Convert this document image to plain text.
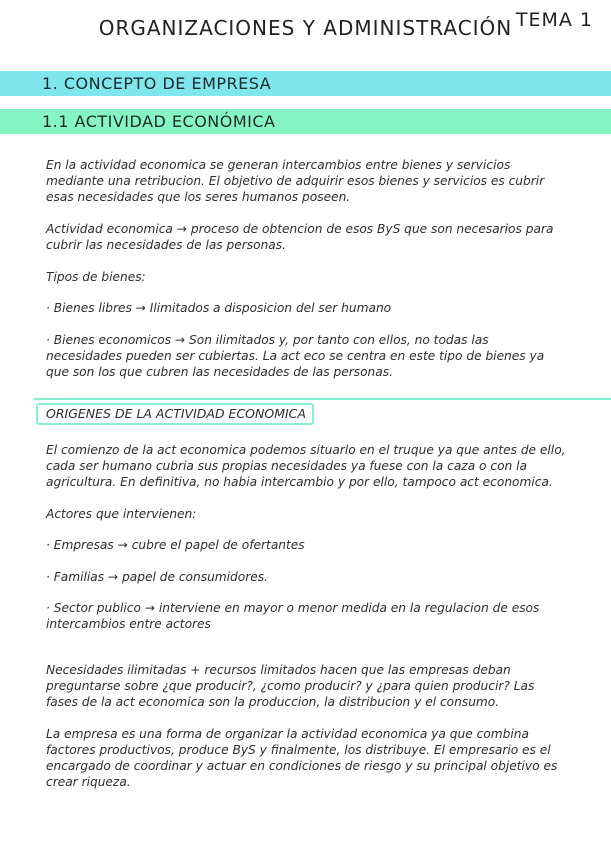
ORGANIZACIONES Y ADMINISTRACIÓN TEMA 1
1. CONCEPTO DE EMPRESA
1.1 ACTIVIDAD ECONÓMICA

En la actividad economica se generan intercambios entre bienes y servicios mediante una retribucion. El objetivo de adquirir esos bienes y servicios es cubrir esas necesidades que los seres humanos poseen.

Actividad economica → proceso de obtencion de esos ByS que son necesarios para cubrir las necesidades de las personas.

Tipos de bienes:

· Bienes libres → Ilimitados a disposicion del ser humano

· Bienes economicos → Son ilimitados y, por tanto con ellos, no todas las necesidades pueden ser cubiertas. La act eco se centra en este tipo de bienes ya que son los que cubren las necesidades de las personas.

ORIGENES DE LA ACTIVIDAD ECONOMICA

El comienzo de la act economica podemos situarlo en el truque ya que antes de ello, cada ser humano cubria sus propias necesidades ya fuese con la caza o con la agricultura. En definitiva, no habia intercambio y por ello, tampoco act economica.

Actores que intervienen:

· Empresas → cubre el papel de ofertantes

· Familias → papel de consumidores.

· Sector publico → interviene en mayor o menor medida en la regulacion de esos intercambios entre actores

Necesidades ilimitadas + recursos limitados hacen que las empresas deban preguntarse sobre ¿que producir?, ¿como producir? y ¿para quien producir? Las fases de la act economica son la produccion, la distribucion y el consumo.

La empresa es una forma de organizar la actividad economica ya que combina factores productivos, produce ByS y finalmente, los distribuye. El empresario es el encargado de coordinar y actuar en condiciones de riesgo y su principal objetivo es crear riqueza.
